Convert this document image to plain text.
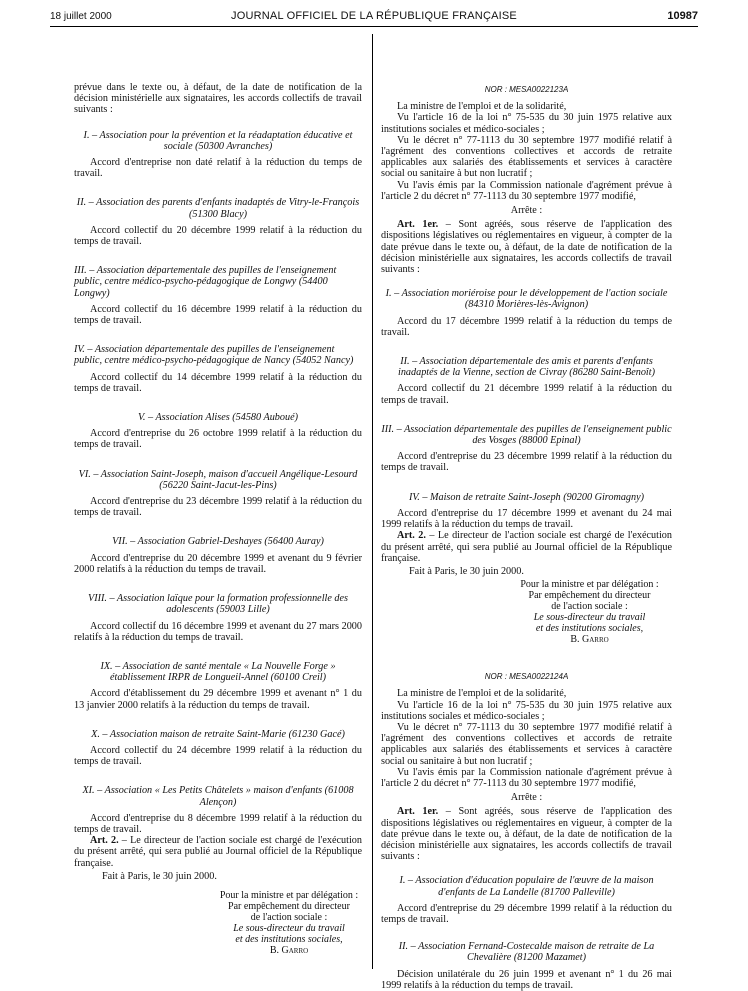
18 juillet 2000	JOURNAL OFFICIEL DE LA RÉPUBLIQUE FRANÇAISE	10987

prévue dans le texte ou, à défaut, de la date de notification de la décision ministérielle aux signataires, les accords collectifs de travail suivants :

I. – Association pour la prévention et la réadaptation éducative et sociale (50300 Avranches)

Accord d'entreprise non daté relatif à la réduction du temps de travail.

II. – Association des parents d'enfants inadaptés de Vitry-le-François (51300 Blacy)

Accord collectif du 20 décembre 1999 relatif à la réduction du temps de travail.

III. – Association départementale des pupilles de l'enseignement public, centre médico-psycho-pédagogique de Longwy (54400 Longwy)

Accord collectif du 16 décembre 1999 relatif à la réduction du temps de travail.

IV. – Association départementale des pupilles de l'enseignement public, centre médico-psycho-pédagogique de Nancy (54052 Nancy)

Accord collectif du 14 décembre 1999 relatif à la réduction du temps de travail.

V. – Association Alises (54580 Auboué)

Accord d'entreprise du 26 octobre 1999 relatif à la réduction du temps de travail.

VI. – Association Saint-Joseph, maison d'accueil Angélique-Lesourd (56220 Saint-Jacut-les-Pins)

Accord d'entreprise du 23 décembre 1999 relatif à la réduction du temps de travail.

VII. – Association Gabriel-Deshayes (56400 Auray)

Accord d'entreprise du 20 décembre 1999 et avenant du 9 février 2000 relatifs à la réduction du temps de travail.

VIII. – Association laïque pour la formation professionnelle des adolescents (59003 Lille)

Accord collectif du 16 décembre 1999 et avenant du 27 mars 2000 relatifs à la réduction du temps de travail.

IX. – Association de santé mentale « La Nouvelle Forge » établissement IRPR de Longueil-Annel (60100 Creil)

Accord d'établissement du 29 décembre 1999 et avenant n° 1 du 13 janvier 2000 relatifs à la réduction du temps de travail.

X. – Association maison de retraite Saint-Marie (61230 Gacé)

Accord collectif du 24 décembre 1999 relatif à la réduction du temps de travail.

XI. – Association « Les Petits Châtelets » maison d'enfants (61008 Alençon)

Accord d'entreprise du 8 décembre 1999 relatif à la réduction du temps de travail.

Art. 2. – Le directeur de l'action sociale est chargé de l'exécution du présent arrêté, qui sera publié au Journal officiel de la République française.

Fait à Paris, le 30 juin 2000.

Pour la ministre et par délégation :
Par empêchement du directeur
de l'action sociale :
Le sous-directeur du travail
et des institutions sociales,
B. Garro

NOR : MESA0022123A

La ministre de l'emploi et de la solidarité,

Vu l'article 16 de la loi n° 75-535 du 30 juin 1975 relative aux institutions sociales et médico-sociales ;

Vu le décret n° 77-1113 du 30 septembre 1977 modifié relatif à l'agrément des conventions collectives et accords de retraite applicables aux salariés des établissements et services à caractère social ou sanitaire à but non lucratif ;

Vu l'avis émis par la Commission nationale d'agrément prévue à l'article 2 du décret n° 77-1113 du 30 septembre 1977 modifié,

Arrête :

Art. 1er. – Sont agréés, sous réserve de l'application des dispositions législatives ou réglementaires en vigueur, à compter de la date prévue dans le texte ou, à défaut, de la date de notification de la décision ministérielle aux signataires, les accords collectifs de travail suivants :

I. – Association moriéroise pour le développement de l'action sociale (84310 Morières-lès-Avignon)

Accord du 17 décembre 1999 relatif à la réduction du temps de travail.

II. – Association départementale des amis et parents d'enfants inadaptés de la Vienne, section de Civray (86280 Saint-Benoît)

Accord collectif du 21 décembre 1999 relatif à la réduction du temps de travail.

III. – Association départementale des pupilles de l'enseignement public des Vosges (88000 Epinal)

Accord d'entreprise du 23 décembre 1999 relatif à la réduction du temps de travail.

IV. – Maison de retraite Saint-Joseph (90200 Giromagny)

Accord d'entreprise du 17 décembre 1999 et avenant du 24 mai 1999 relatifs à la réduction du temps de travail.

Art. 2. – Le directeur de l'action sociale est chargé de l'exécution du présent arrêté, qui sera publié au Journal officiel de la République française.

Fait à Paris, le 30 juin 2000.

Pour la ministre et par délégation :
Par empêchement du directeur
de l'action sociale :
Le sous-directeur du travail
et des institutions sociales,
B. Garro

NOR : MESA0022124A

La ministre de l'emploi et de la solidarité,

Vu l'article 16 de la loi n° 75-535 du 30 juin 1975 relative aux institutions sociales et médico-sociales ;

Vu le décret n° 77-1113 du 30 septembre 1977 modifié relatif à l'agrément des conventions collectives et accords de retraite applicables aux salariés des établissements et services à caractère social ou sanitaire à but non lucratif ;

Vu l'avis émis par la Commission nationale d'agrément prévue à l'article 2 du décret n° 77-1113 du 30 septembre 1977 modifié,

Arrête :

Art. 1er. – Sont agréés, sous réserve de l'application des dispositions législatives ou réglementaires en vigueur, à compter de la date prévue dans le texte ou, à défaut, de la date de notification de la décision ministérielle aux signataires, les accords collectifs de travail suivants :

I. – Association d'éducation populaire de l'œuvre de la maison d'enfants de La Landelle (81700 Palleville)

Accord d'entreprise du 29 décembre 1999 relatif à la réduction du temps de travail.

II. – Association Fernand-Costecalde maison de retraite de La Chevalière (81200 Mazamet)

Décision unilatérale du 26 juin 1999 et avenant n° 1 du 26 mai 1999 relatifs à la réduction du temps de travail.
